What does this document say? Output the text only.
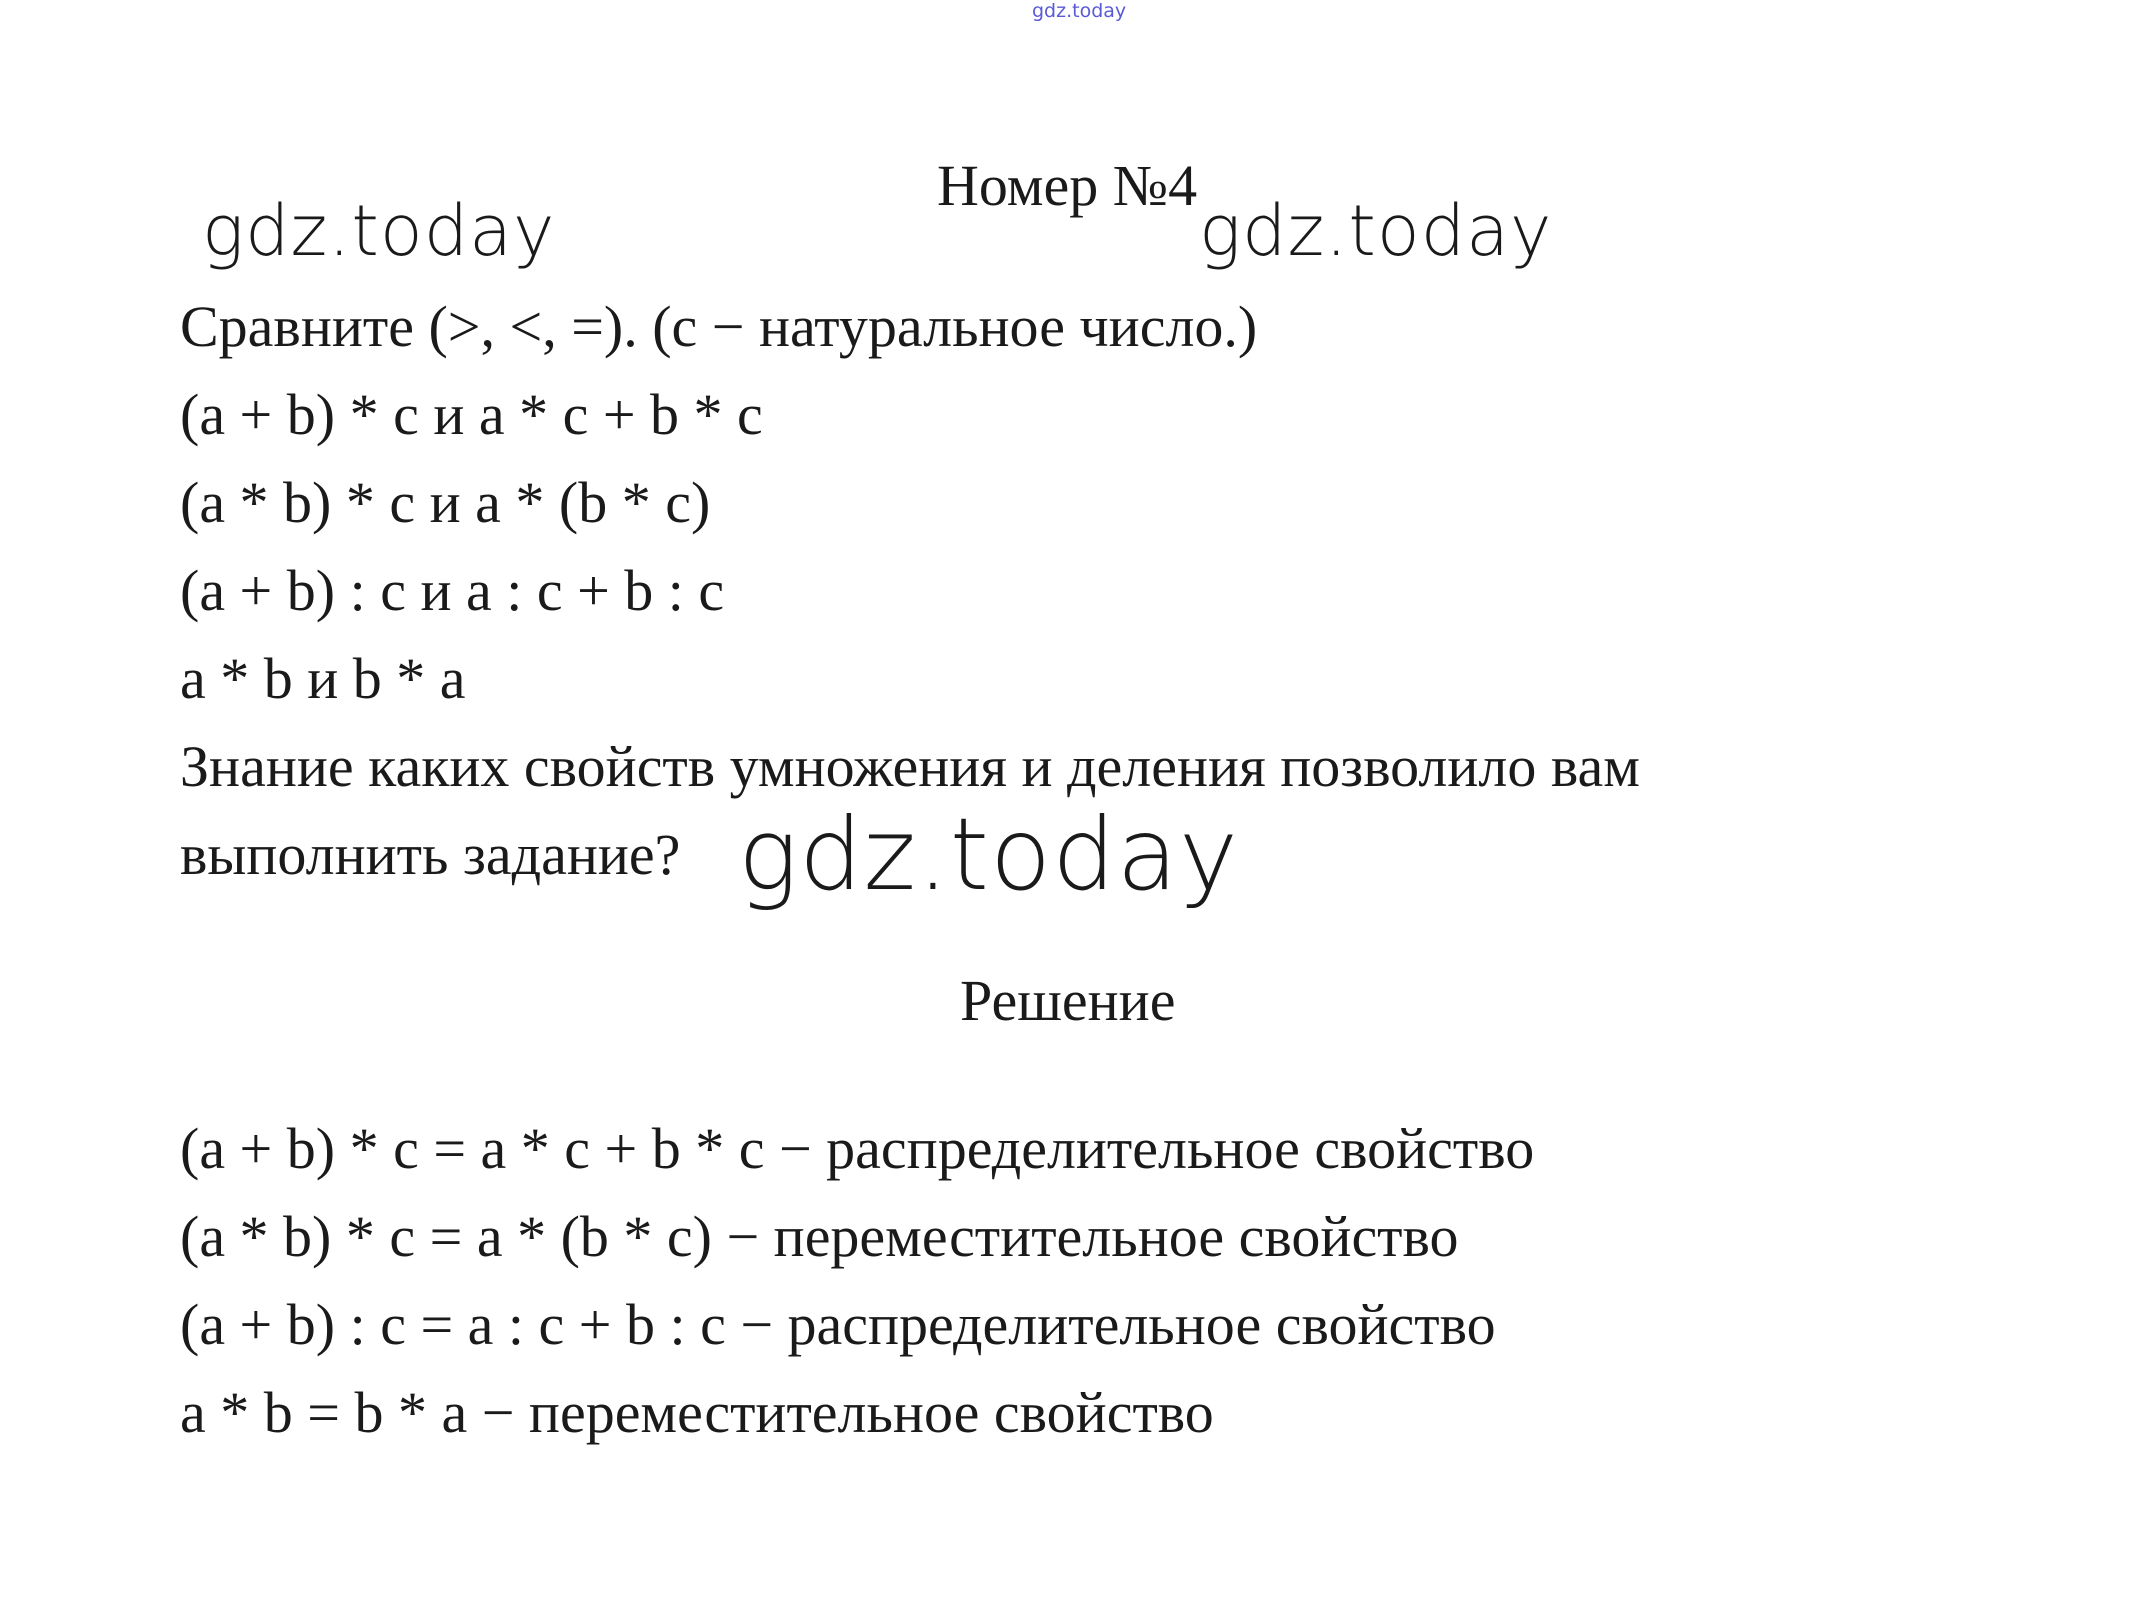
gdz.today
Номер №4
gdz.today	gdz.today
Сравните (>, <, =). (c − натуральное число.)
(a + b) * c и a * c + b * c
(a * b) * c и a * (b * c)
(a + b) : c и a : c + b : c
a * b и b * a
Знание каких свойств умножения и деления позволило вам
выполнить задание? gdz.today
Решение
(a + b) * c = a * c + b * c − распределительное свойство
(a * b) * c = a * (b * c) − переместительное свойство
(a + b) : c = a : c + b : c − распределительное свойство
a * b = b * a − переместительное свойство
